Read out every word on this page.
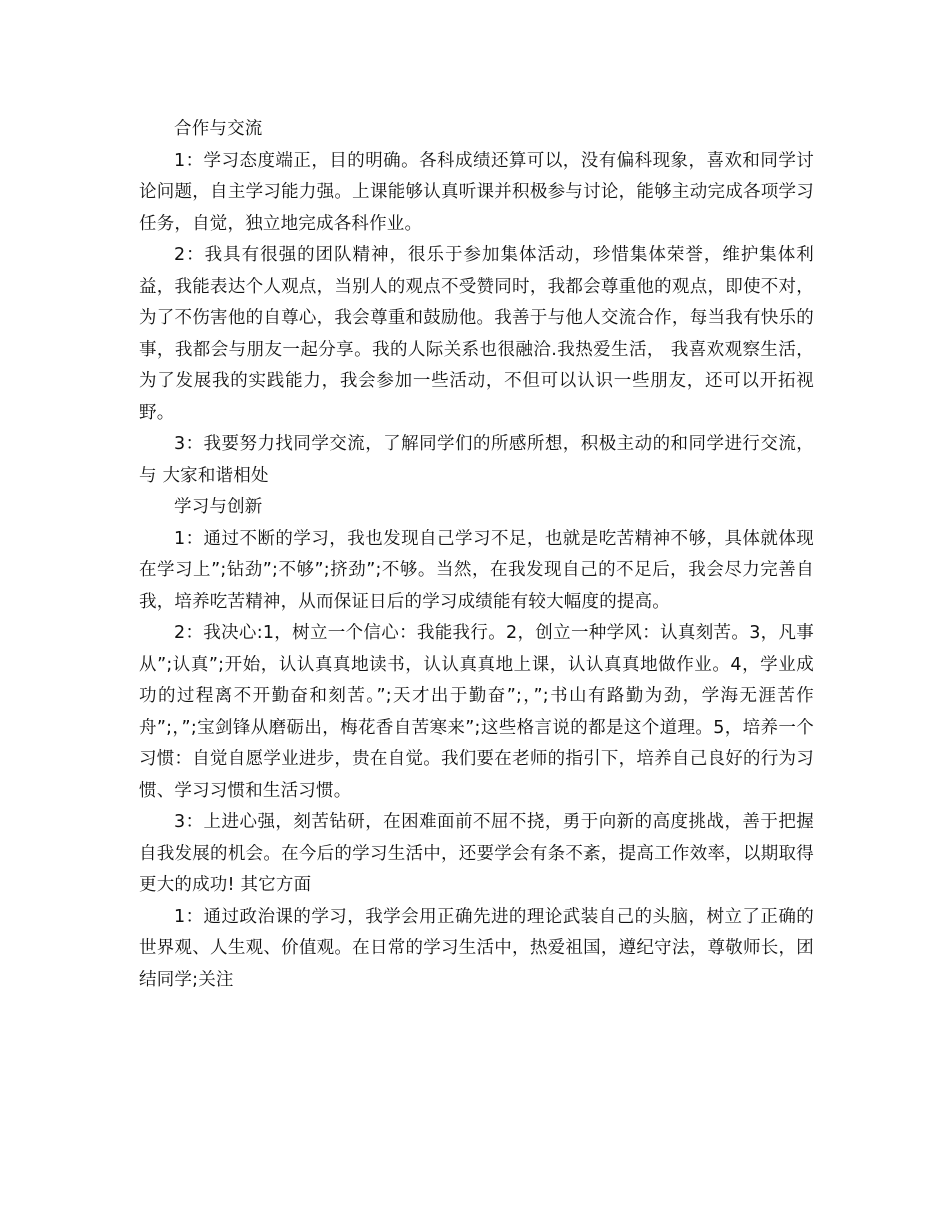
合作与交流

1：学习态度端正，目的明确。各科成绩还算可以，没有偏科现象，喜欢和同学讨论问题，自主学习能力强。上课能够认真听课并积极参与讨论，能够主动完成各项学习任务，自觉，独立地完成各科作业。

2：我具有很强的团队精神，很乐于参加集体活动，珍惜集体荣誉，维护集体利益，我能表达个人观点，当别人的观点不受赞同时，我都会尊重他的观点，即使不对，为了不伤害他的自尊心，我会尊重和鼓励他。我善于与他人交流合作，每当我有快乐的事，我都会与朋友一起分享。我的人际关系也很融洽.我热爱生活， 我喜欢观察生活，为了发展我的实践能力，我会参加一些活动，不但可以认识一些朋友，还可以开拓视野。

3：我要努力找同学交流，了解同学们的所感所想，积极主动的和同学进行交流，与 大家和谐相处

学习与创新

1：通过不断的学习，我也发现自己学习不足，也就是吃苦精神不够，具体就体现在学习上”;钻劲”;不够”;挤劲”;不够。当然，在我发现自己的不足后，我会尽力完善自我，培养吃苦精神，从而保证日后的学习成绩能有较大幅度的提高。

2：我决心:1，树立一个信心：我能我行。2，创立一种学风：认真刻苦。3，凡事从”;认真”;开始，认认真真地读书，认认真真地上课，认认真真地做作业。4，学业成功的过程离不开勤奋和刻苦。”;天才出于勤奋”;，”;书山有路勤为劲，学海无涯苦作舟”;，”;宝剑锋从磨砺出，梅花香自苦寒来”;这些格言说的都是这个道理。5，培养一个习惯：自觉自愿学业进步，贵在自觉。我们要在老师的指引下，培养自己良好的行为习惯、学习习惯和生活习惯。

3：上进心强，刻苦钻研，在困难面前不屈不挠，勇于向新的高度挑战，善于把握自我发展的机会。在今后的学习生活中，还要学会有条不紊，提高工作效率，以期取得更大的成功! 其它方面

1：通过政治课的学习，我学会用正确先进的理论武装自己的头脑，树立了正确的世界观、人生观、价值观。在日常的学习生活中，热爱祖国，遵纪守法，尊敬师长，团结同学;关注
